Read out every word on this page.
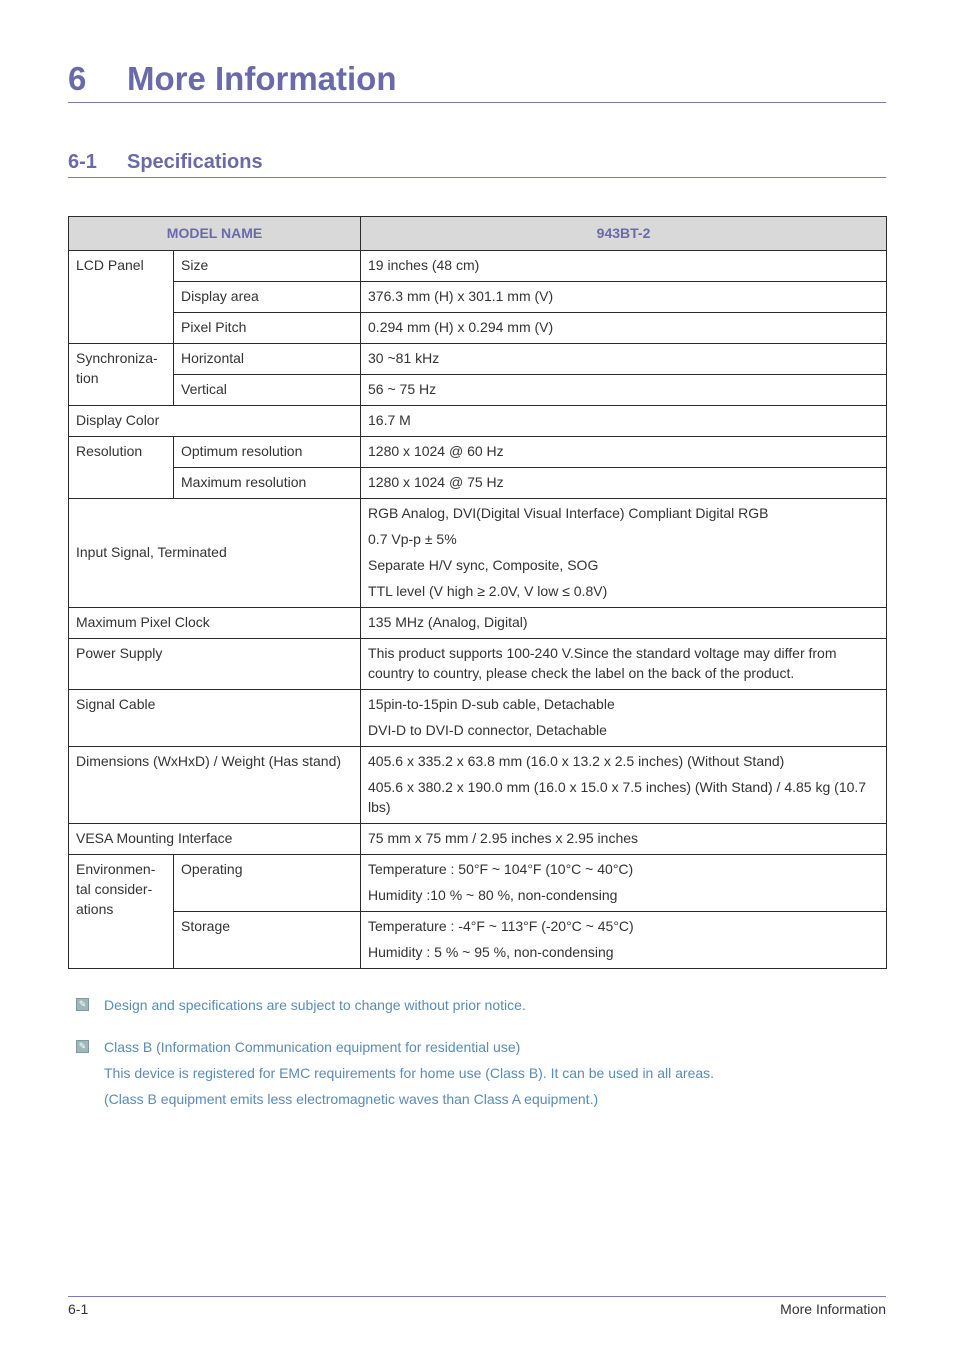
6 More Information
6-1 Specifications
MODEL NAME		943BT-2
LCD Panel	Size	19 inches (48 cm)
	Display area	376.3 mm (H) x 301.1 mm (V)
	Pixel Pitch	0.294 mm (H) x 0.294 mm (V)
Synchroniza-tion	Horizontal	30 ~81 kHz
	Vertical	56 ~ 75 Hz
Display Color		16.7 M
Resolution	Optimum resolution	1280 x 1024 @ 60 Hz
	Maximum resolution	1280 x 1024 @ 75 Hz
Input Signal, Terminated		RGB Analog, DVI(Digital Visual Interface) Compliant Digital RGB
0.7 Vp-p ± 5%
Separate H/V sync, Composite, SOG
TTL level (V high ≥ 2.0V, V low ≤ 0.8V)

Maximum Pixel Clock		135 MHz (Analog, Digital)
Power Supply		This product supports 100-240 V.Since the standard voltage may differ from
country to country, please check the label on the back of the product.

Signal Cable		15pin-to-15pin D-sub cable, Detachable
DVI-D to DVI-D connector, Detachable

Dimensions (WxHxD) / Weight (Has stand)		405.6 x 335.2 x 63.8 mm (16.0 x 13.2 x 2.5 inches) (Without Stand)
405.6 x 380.2 x 190.0 mm (16.0 x 15.0 x 7.5 inches) (With Stand) / 4.85 kg (10.7
lbs)

VESA Mounting Interface		75 mm x 75 mm / 2.95 inches x 2.95 inches

Environmen-
tal consider-
ations	Operating	Temperature : 50°F ~ 104°F (10°C ~ 40°C)
Humidity :10 % ~ 80 %, non-condensing

	Storage	Temperature : -4°F ~ 113°F (-20°C ~ 45°C)
Humidity : 5 % ~ 95 %, non-condensing
✎ Design and specifications are subject to change without prior notice.
✎ Class B (Information Communication equipment for residential use)
This device is registered for EMC requirements for home use (Class B). It can be used in all areas.
(Class B equipment emits less electromagnetic waves than Class A equipment.)
6-1	More Information
